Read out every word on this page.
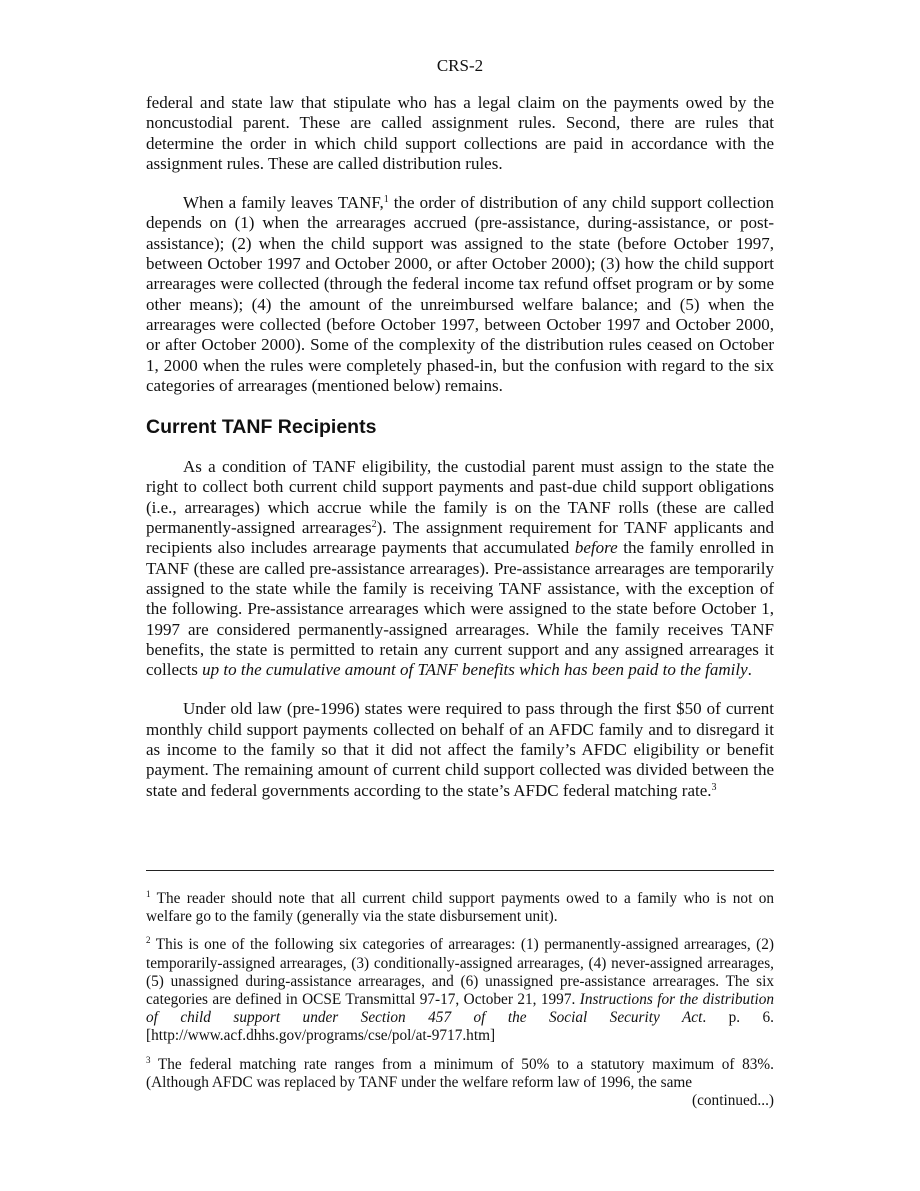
CRS-2

federal and state law that stipulate who has a legal claim on the payments owed by the noncustodial parent. These are called assignment rules. Second, there are rules that determine the order in which child support collections are paid in accordance with the assignment rules. These are called distribution rules.

When a family leaves TANF,$^1$ the order of distribution of any child support collection depends on (1) when the arrearages accrued (pre-assistance, during-assistance, or post-assistance); (2) when the child support was assigned to the state (before October 1997, between October 1997 and October 2000, or after October 2000); (3) how the child support arrearages were collected (through the federal income tax refund offset program or by some other means); (4) the amount of the unreimbursed welfare balance; and (5) when the arrearages were collected (before October 1997, between October 1997 and October 2000, or after October 2000). Some of the complexity of the distribution rules ceased on October 1, 2000 when the rules were completely phased-in, but the confusion with regard to the six categories of arrearages (mentioned below) remains.

Current TANF Recipients

As a condition of TANF eligibility, the custodial parent must assign to the state the right to collect both current child support payments and past-due child support obligations (i.e., arrearages) which accrue while the family is on the TANF rolls (these are called permanently-assigned arrearages$^2$). The assignment requirement for TANF applicants and recipients also includes arrearage payments that accumulated before the family enrolled in TANF (these are called pre-assistance arrearages). Pre-assistance arrearages are temporarily assigned to the state while the family is receiving TANF assistance, with the exception of the following. Pre-assistance arrearages which were assigned to the state before October 1, 1997 are considered permanently-assigned arrearages. While the family receives TANF benefits, the state is permitted to retain any current support and any assigned arrearages it collects up to the cumulative amount of TANF benefits which has been paid to the family.

Under old law (pre-1996) states were required to pass through the first $50 of current monthly child support payments collected on behalf of an AFDC family and to disregard it as income to the family so that it did not affect the family’s AFDC eligibility or benefit payment. The remaining amount of current child support collected was divided between the state and federal governments according to the state’s AFDC federal matching rate.$^3$

$^1$ The reader should note that all current child support payments owed to a family who is not on welfare go to the family (generally via the state disbursement unit).
$^2$ This is one of the following six categories of arrearages: (1) permanently-assigned arrearages, (2) temporarily-assigned arrearages, (3) conditionally-assigned arrearages, (4) never-assigned arrearages, (5) unassigned during-assistance arrearages, and (6) unassigned pre-assistance arrearages. The six categories are defined in OCSE Transmittal 97-17, October 21, 1997. Instructions for the distribution of child support under Section 457 of the Social Security Act. p. 6. [http://www.acf.dhhs.gov/programs/cse/pol/at-9717.htm]
$^3$ The federal matching rate ranges from a minimum of 50% to a statutory maximum of 83%. (Although AFDC was replaced by TANF under the welfare reform law of 1996, the same
(continued...)
